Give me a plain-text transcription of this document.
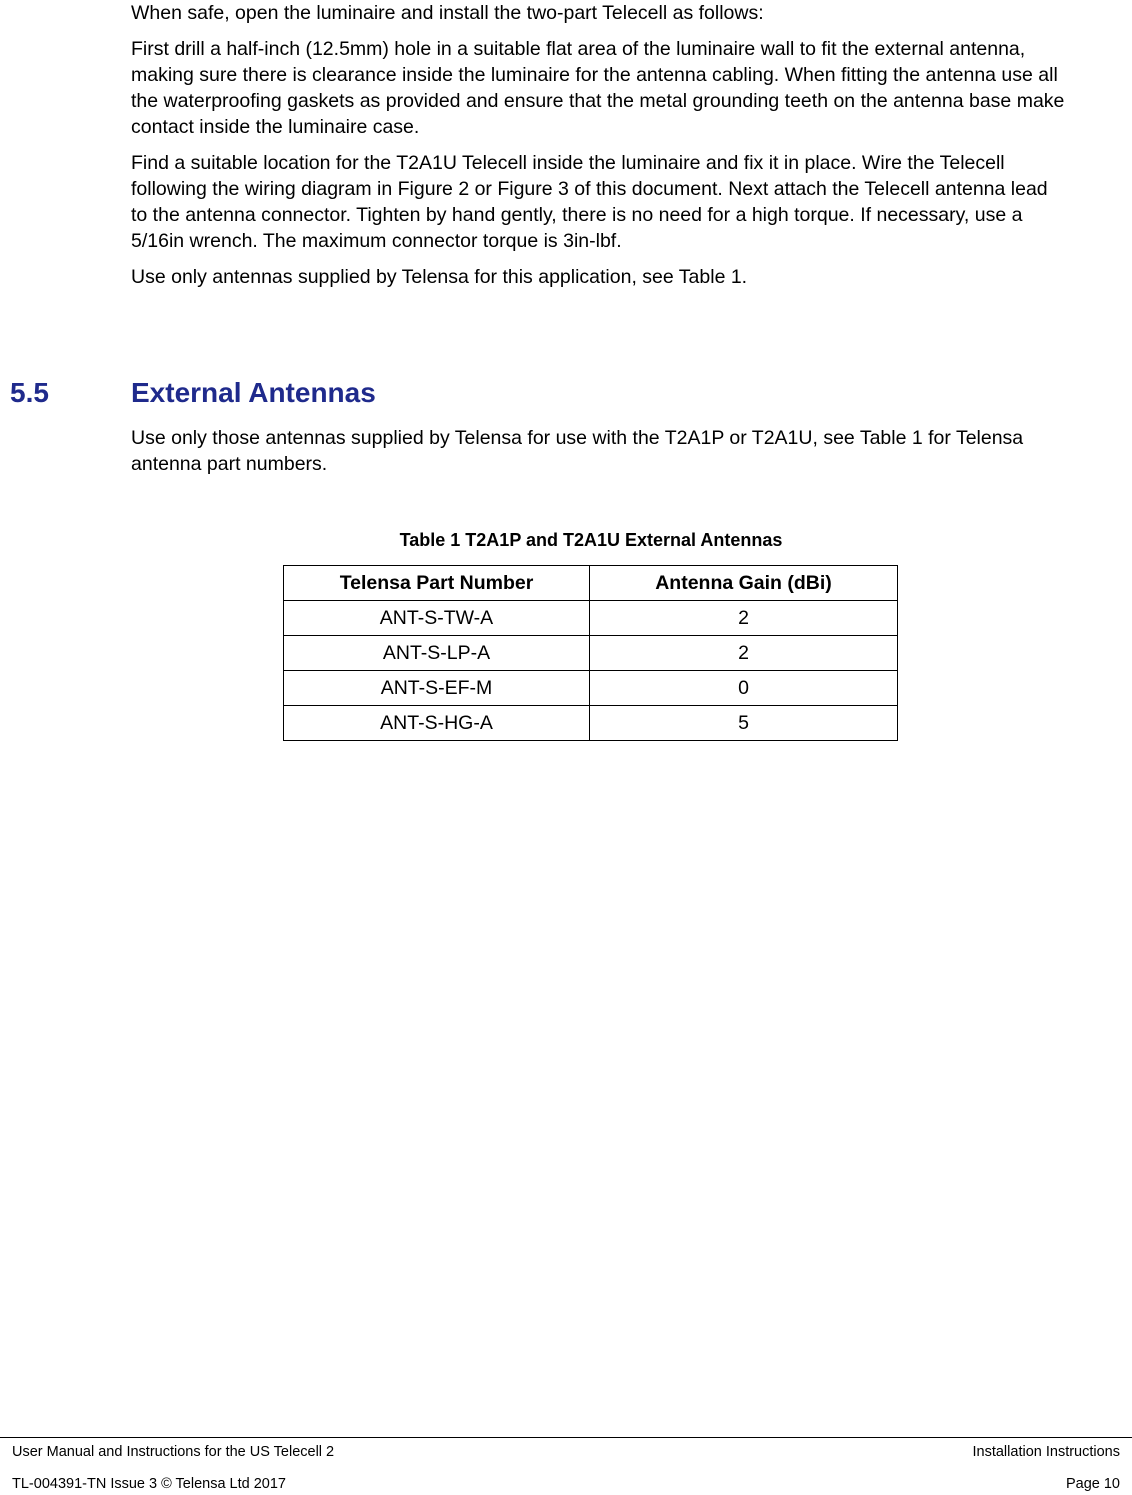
When safe, open the luminaire and install the two-part Telecell as follows:

First drill a half-inch (12.5mm) hole in a suitable flat area of the luminaire wall to fit the external antenna, making sure there is clearance inside the luminaire for the antenna cabling. When fitting the antenna use all the waterproofing gaskets as provided and ensure that the metal grounding teeth on the antenna base make contact inside the luminaire case.

Find a suitable location for the T2A1U Telecell inside the luminaire and fix it in place. Wire the Telecell following the wiring diagram in Figure 2 or Figure 3 of this document. Next attach the Telecell antenna lead to the antenna connector. Tighten by hand gently, there is no need for a high torque. If necessary, use a 5/16in wrench. The maximum connector torque is 3in-lbf.

Use only antennas supplied by Telensa for this application, see Table 1.

5.5	External Antennas

Use only those antennas supplied by Telensa for use with the T2A1P or T2A1U, see Table 1 for Telensa antenna part numbers.

Table 1 T2A1P and T2A1U External Antennas

Telensa Part Number	Antenna Gain (dBi)
ANT-S-TW-A	2
ANT-S-LP-A	2
ANT-S-EF-M	0
ANT-S-HG-A	5
User Manual and Instructions for the US Telecell 2	Installation Instructions
TL-004391-TN Issue 3 © Telensa Ltd 2017	Page 10
